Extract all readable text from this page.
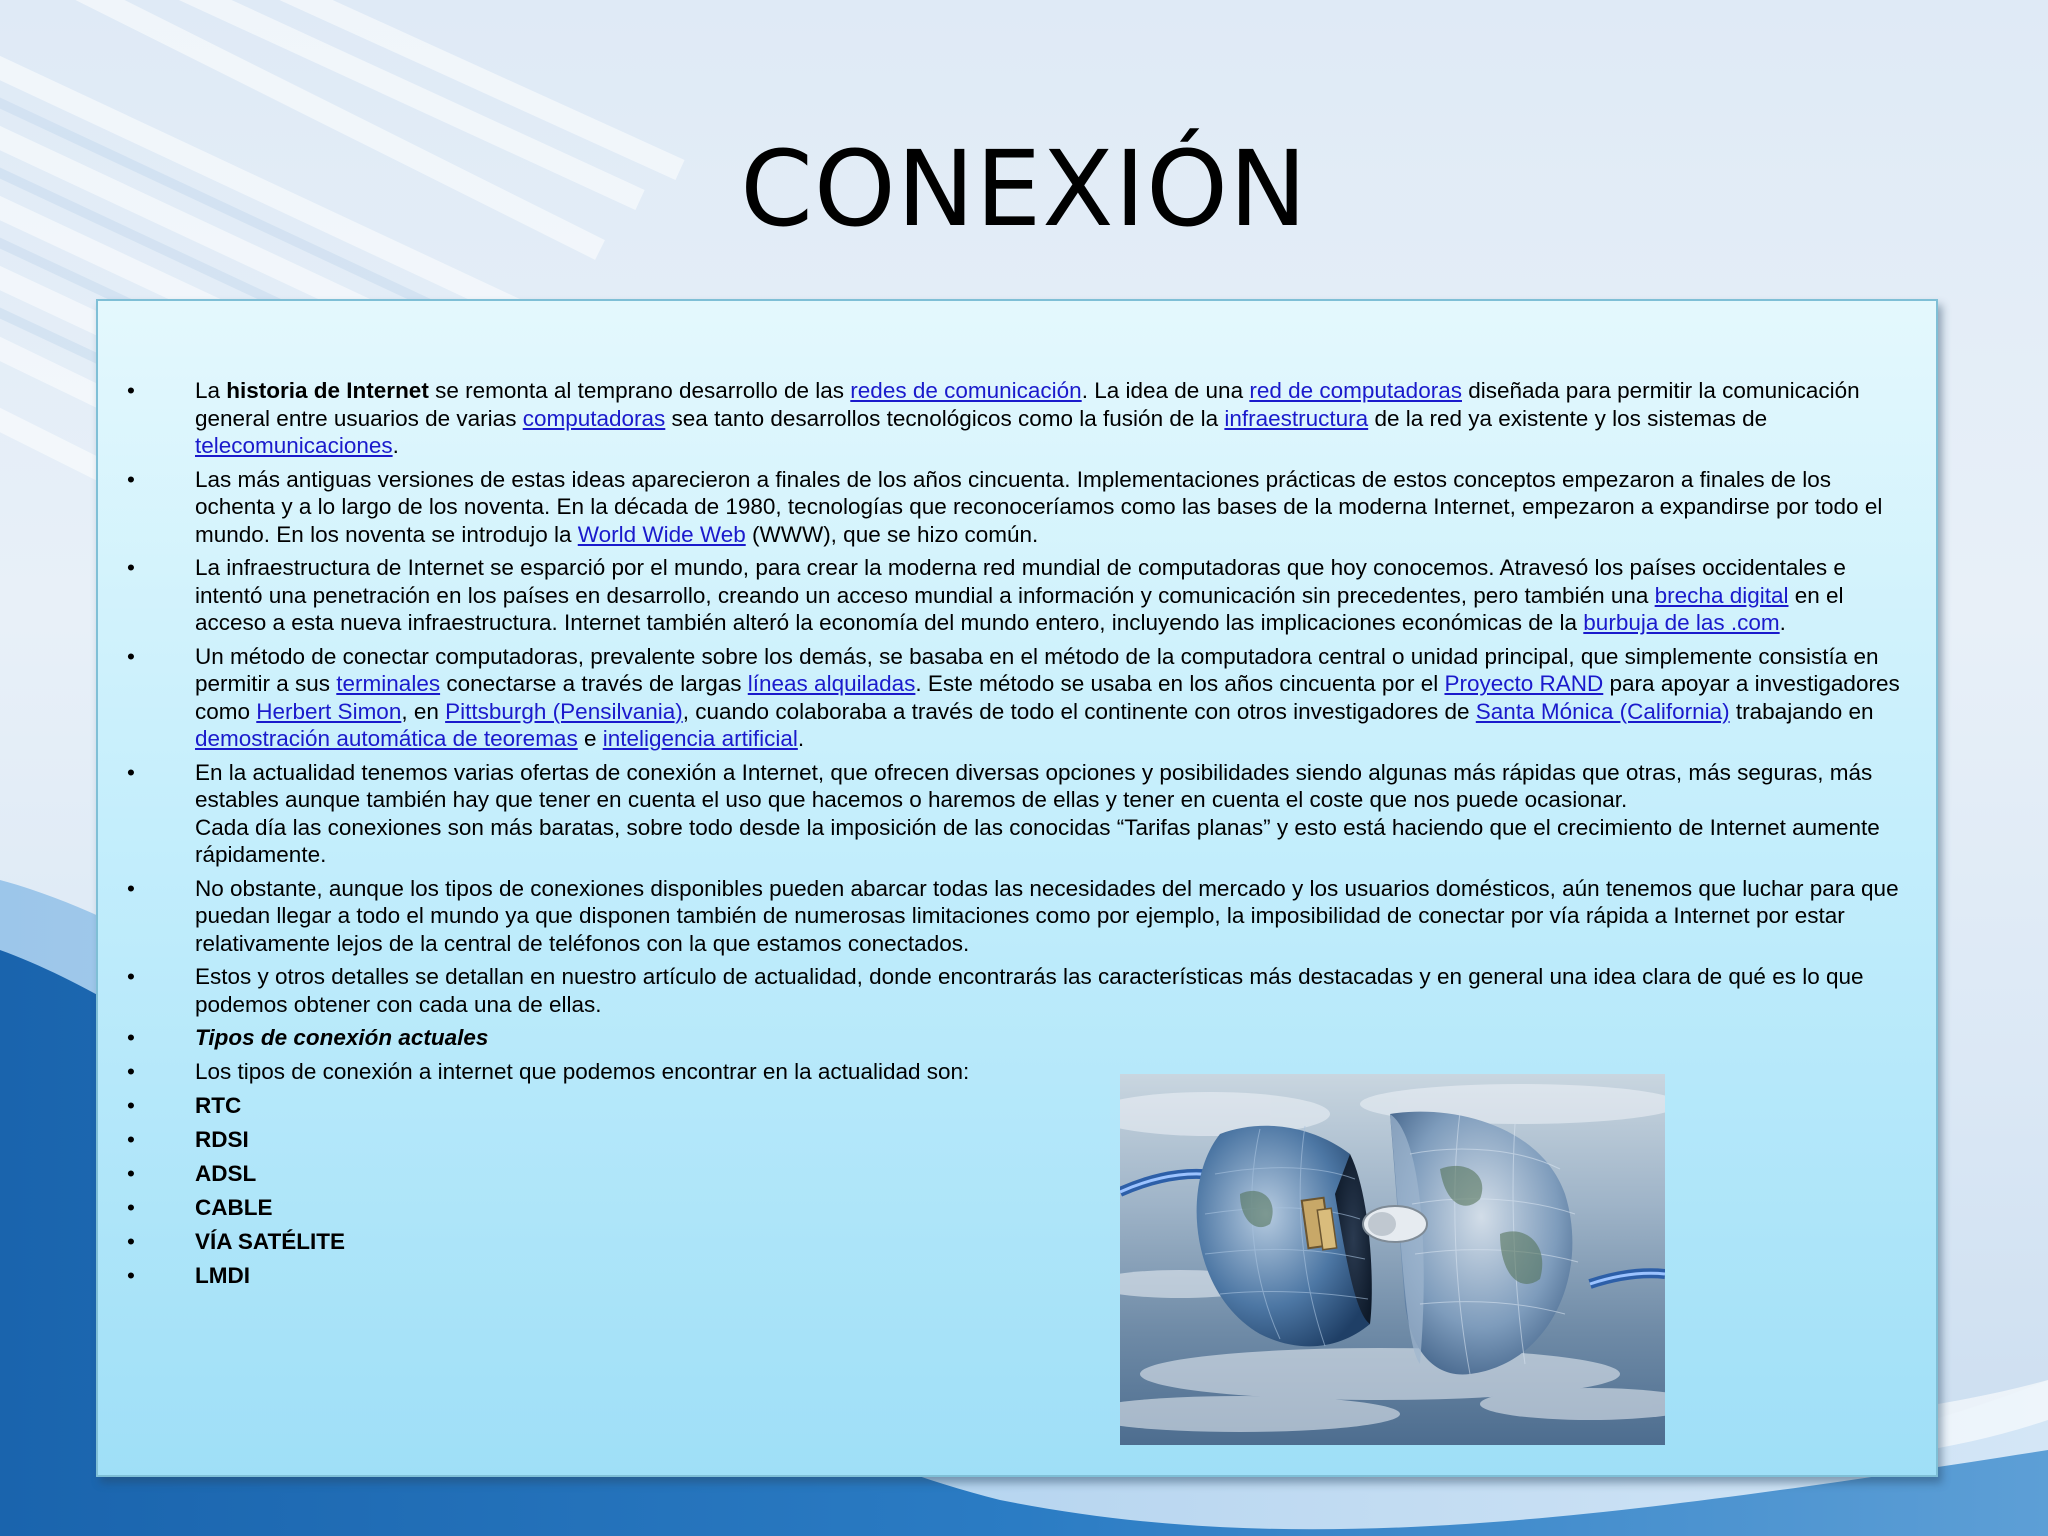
CONEXIÓN
•	La historia de Internet se remonta al temprano desarrollo de las redes de comunicación. La idea de una red de computadoras diseñada para permitir la comunicación general entre usuarios de varias computadoras sea tanto desarrollos tecnológicos como la fusión de la infraestructura de la red ya existente y los sistemas de telecomunicaciones.
•	Las más antiguas versiones de estas ideas aparecieron a finales de los años cincuenta. Implementaciones prácticas de estos conceptos empezaron a finales de los ochenta y a lo largo de los noventa. En la década de 1980, tecnologías que reconoceríamos como las bases de la moderna Internet, empezaron a expandirse por todo el mundo. En los noventa se introdujo la World Wide Web (WWW), que se hizo común.
•	La infraestructura de Internet se esparció por el mundo, para crear la moderna red mundial de computadoras que hoy conocemos. Atravesó los países occidentales e intentó una penetración en los países en desarrollo, creando un acceso mundial a información y comunicación sin precedentes, pero también una brecha digital en el acceso a esta nueva infraestructura. Internet también alteró la economía del mundo entero, incluyendo las implicaciones económicas de la burbuja de las .com.
•	Un método de conectar computadoras, prevalente sobre los demás, se basaba en el método de la computadora central o unidad principal, que simplemente consistía en permitir a sus terminales conectarse a través de largas líneas alquiladas. Este método se usaba en los años cincuenta por el Proyecto RAND para apoyar a investigadores como Herbert Simon, en Pittsburgh (Pensilvania), cuando colaboraba a través de todo el continente con otros investigadores de Santa Mónica (California) trabajando en demostración automática de teoremas e inteligencia artificial.
•	En la actualidad tenemos varias ofertas de conexión a Internet, que ofrecen diversas opciones y posibilidades siendo algunas más rápidas que otras, más seguras, más estables aunque también hay que tener en cuenta el uso que hacemos o haremos de ellas y tener en cuenta el coste que nos puede ocasionar.
Cada día las conexiones son más baratas, sobre todo desde la imposición de las conocidas “Tarifas planas” y esto está haciendo que el crecimiento de Internet aumente rápidamente.
•	No obstante, aunque los tipos de conexiones disponibles pueden abarcar todas las necesidades del mercado y los usuarios domésticos, aún tenemos que luchar para que puedan llegar a todo el mundo ya que disponen también de numerosas limitaciones como por ejemplo, la imposibilidad de conectar por vía rápida a Internet por estar relativamente lejos de la central de teléfonos con la que estamos conectados.
•	Estos y otros detalles se detallan en nuestro artículo de actualidad, donde encontrarás las características más destacadas y en general una idea clara de qué es lo que podemos obtener con cada una de ellas.
•	Tipos de conexión actuales
•	Los tipos de conexión a internet que podemos encontrar en la actualidad son:
•	RTC
•	RDSI
•	ADSL
•	CABLE
•	VÍA SATÉLITE
•	LMDI
